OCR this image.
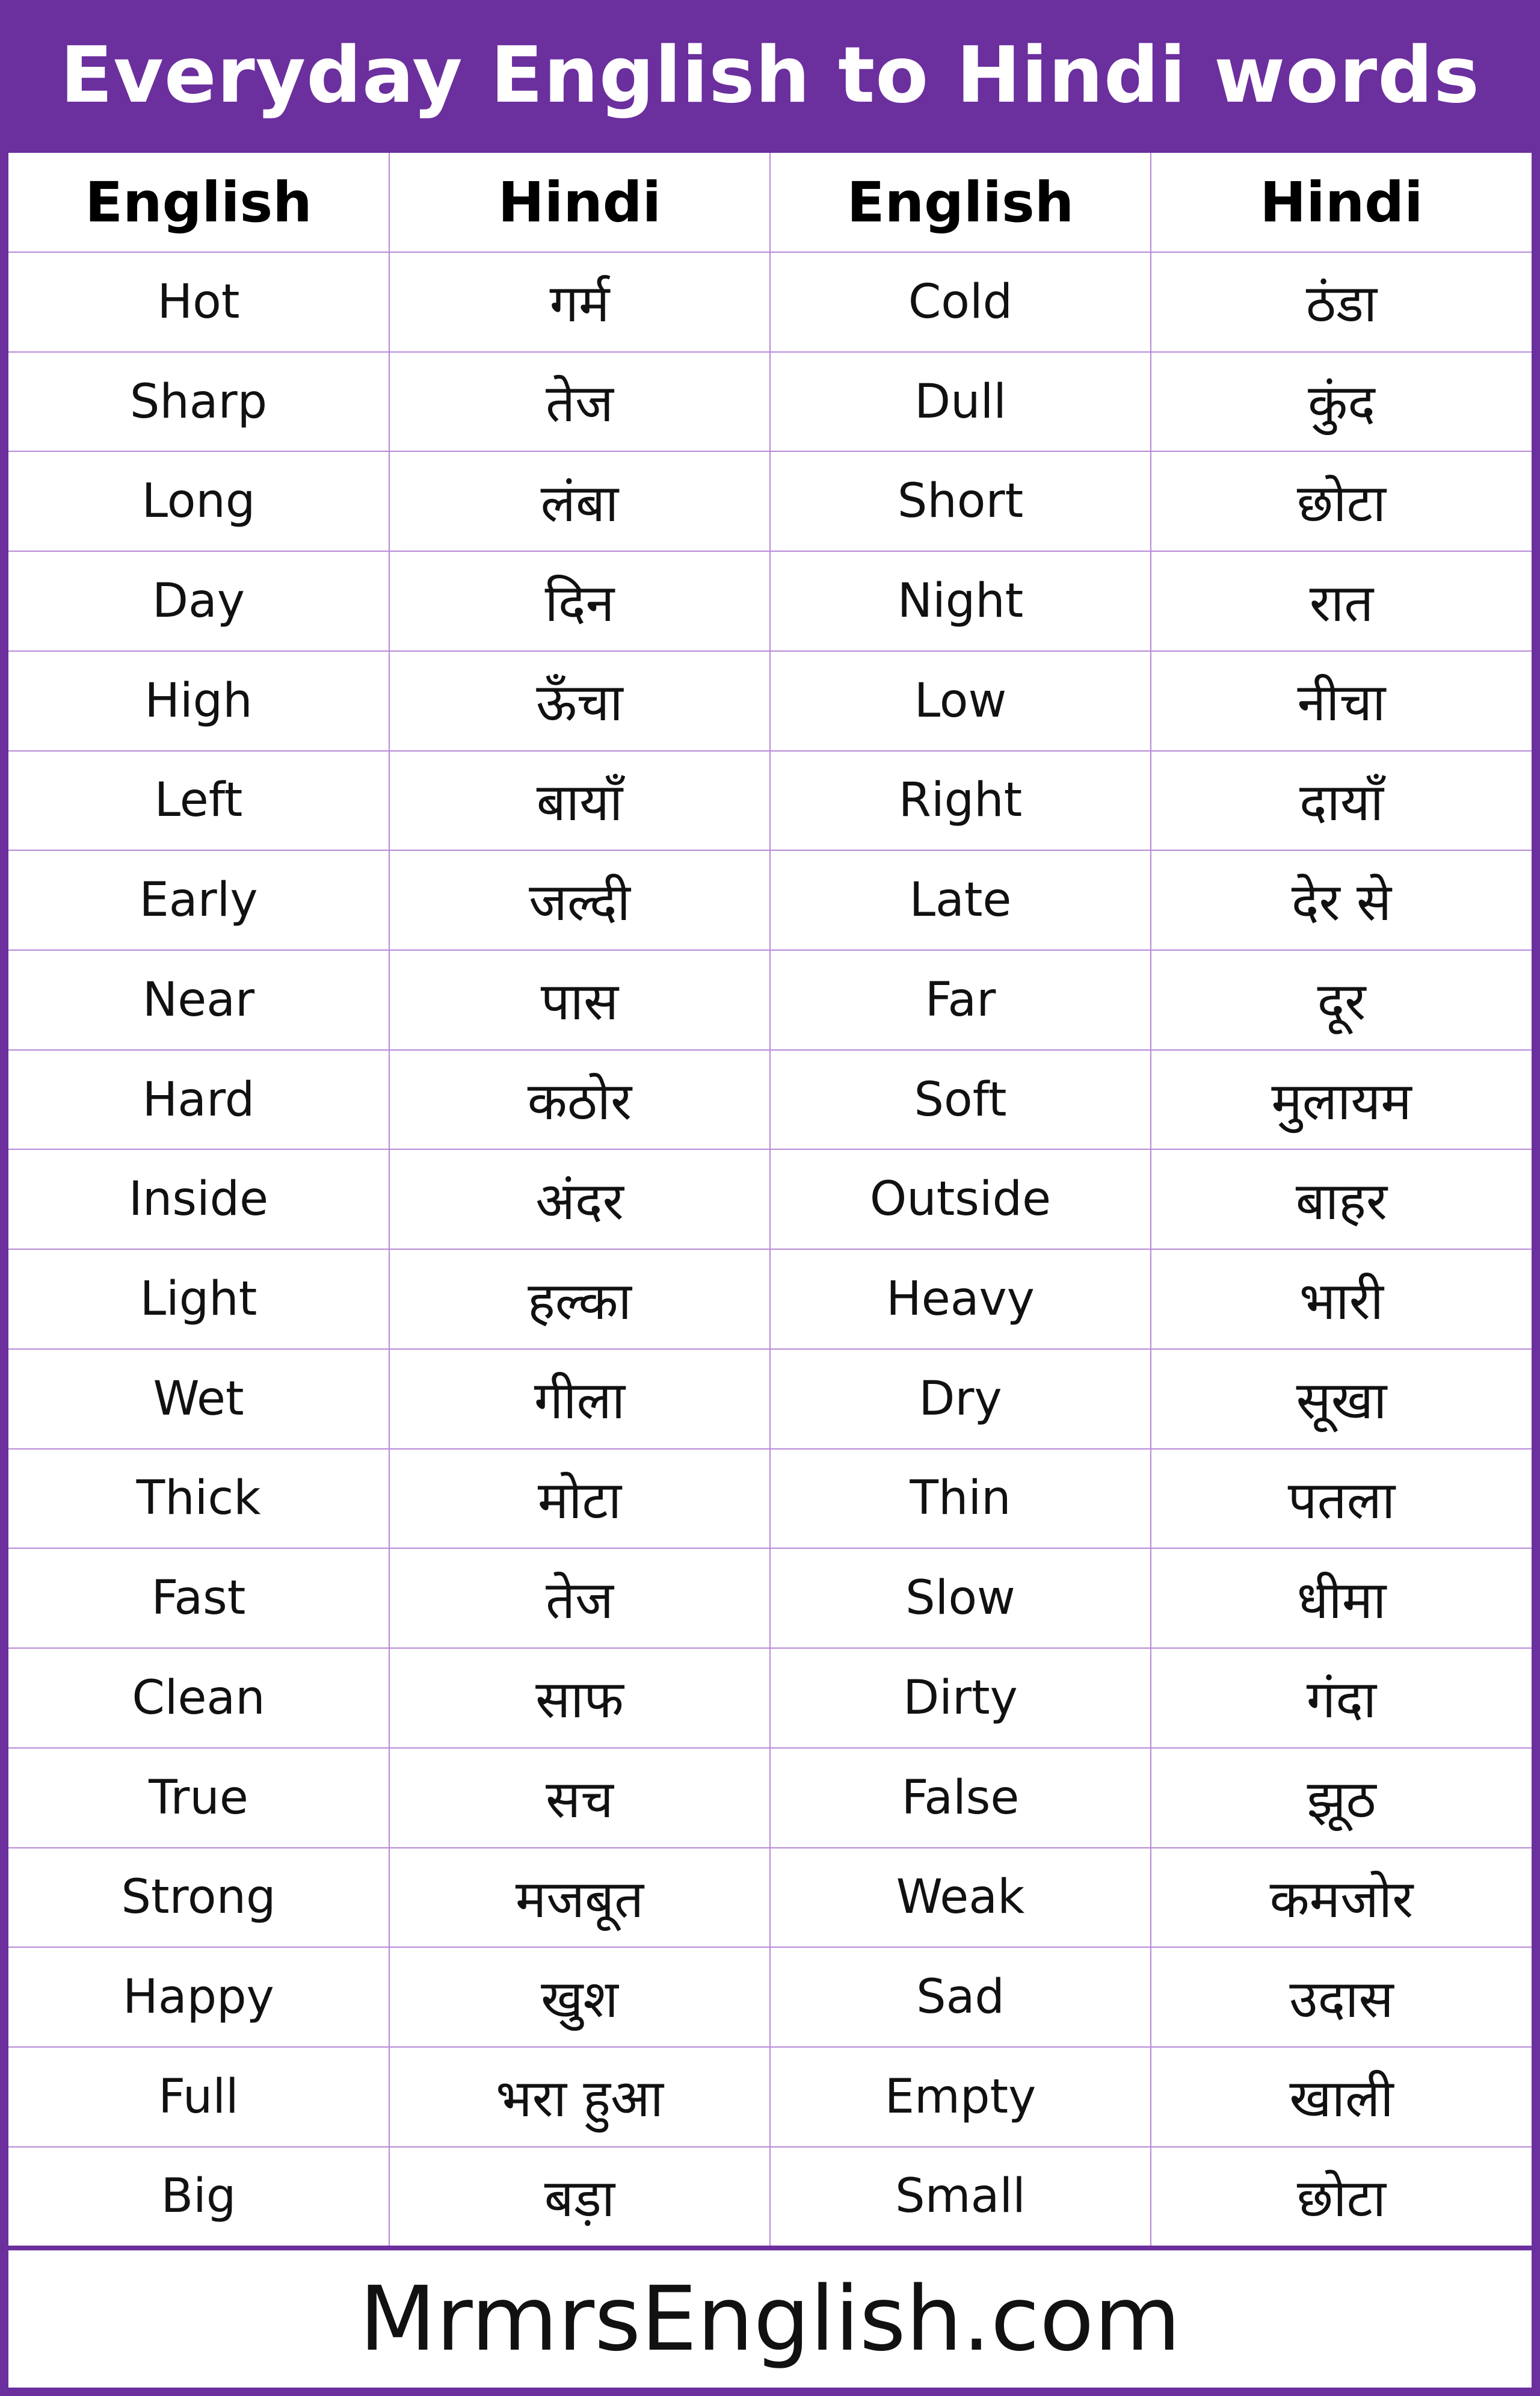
Everyday English to Hindi words
English	Hindi	English	Hindi
Hot	गर्म	Cold	ठंडा
Sharp	तेज	Dull	कुंद
Long	लंबा	Short	छोटा
Day	दिन	Night	रात
High	ऊँचा	Low	नीचा
Left	बायाँ	Right	दायाँ
Early	जल्दी	Late	देर से
Near	पास	Far	दूर
Hard	कठोर	Soft	मुलायम
Inside	अंदर	Outside	बाहर
Light	हल्का	Heavy	भारी
Wet	गीला	Dry	सूखा
Thick	मोटा	Thin	पतला
Fast	तेज	Slow	धीमा
Clean	साफ	Dirty	गंदा
True	सच	False	झूठ
Strong	मजबूत	Weak	कमजोर
Happy	खुश	Sad	उदास
Full	भरा हुआ	Empty	खाली
Big	बड़ा	Small	छोटा
MrmrsEnglish.com
